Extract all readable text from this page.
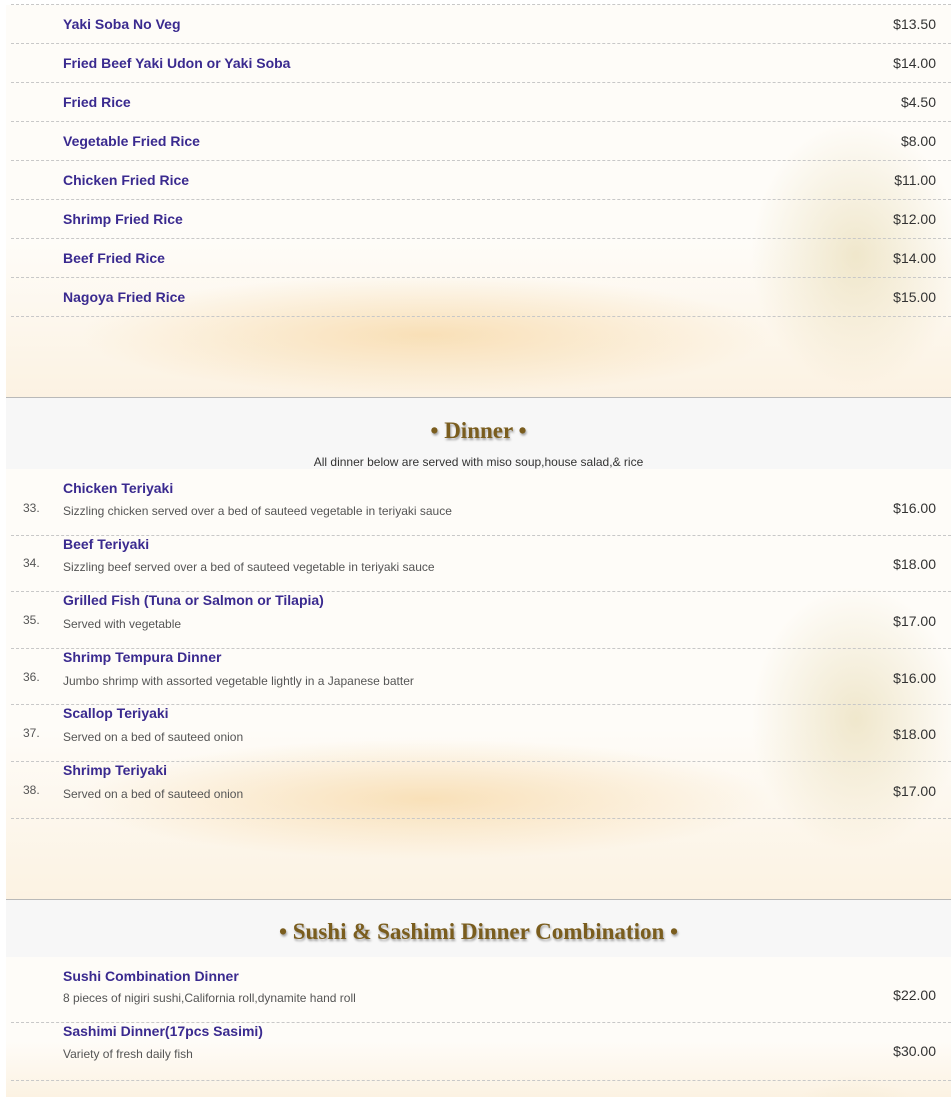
Yaki Soba No Veg	$13.50
Fried Beef Yaki Udon or Yaki Soba	$14.00
Fried Rice	$4.50
Vegetable Fried Rice	$8.00
Chicken Fried Rice	$11.00
Shrimp Fried Rice	$12.00
Beef Fried Rice	$14.00
Nagoya Fried Rice	$15.00
• Dinner •
All dinner below are served with miso soup,house salad,& rice
33.
Chicken Teriyaki
Sizzling chicken served over a bed of sauteed vegetable in teriyaki sauce	$16.00
34.
Beef Teriyaki
Sizzling beef served over a bed of sauteed vegetable in teriyaki sauce	$18.00
35.
Grilled Fish (Tuna or Salmon or Tilapia)
Served with vegetable	$17.00
36.
Shrimp Tempura Dinner
Jumbo shrimp with assorted vegetable lightly in a Japanese batter	$16.00
37.
Scallop Teriyaki
Served on a bed of sauteed onion	$18.00
38.
Shrimp Teriyaki
Served on a bed of sauteed onion	$17.00
• Sushi & Sashimi Dinner Combination •
Sushi Combination Dinner
8 pieces of nigiri sushi,California roll,dynamite hand roll	$22.00
Sashimi Dinner(17pcs Sasimi)
Variety of fresh daily fish	$30.00
